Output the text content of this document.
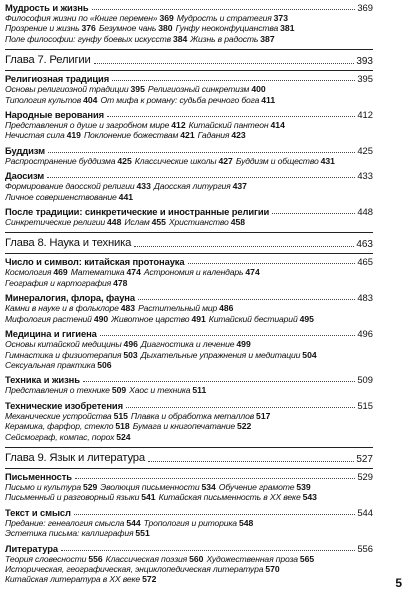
Мудрость и жизнь	369
Философия жизни по «Книге перемен» 369 Мудрость и стратегия 373
Прозрение и жизнь 376 Безумное чань 380 Гунфу неоконфуцианства 381
Поле философии: гунфу боевых искусств 384 Жизнь в радость 387
Глава 7. Религии	393
Религиозная традиция	395
Основы религиозной традиции 395 Религиозный синкретизм 400
Типология культов 404 От мифа к роману: судьба речного бога 411
Народные верования	412
Представления о душе и загробном мире 412 Китайский пантеон 414
Нечистая сила 419 Поклонение божествам 421 Гадания 423
Буддизм	425
Распространение буддизма 425 Классические школы 427 Буддизм и общество 431
Даосизм	433
Формирование даосской религии 433 Даосская литургия 437
Личное совершенствование 441
После традиции: синкретические и иностранные религии	448
Синкретические религии 448 Ислам 455 Христианство 458
Глава 8. Наука и техника	463
Число и символ: китайская протонаука	465
Космология 469 Математика 474 Астрономия и календарь 474
География и картография 478
Минералогия, флора, фауна	483
Камни в науке и в фольклоре 483 Растительный мир 486
Мифология растений 490 Животное царство 491 Китайский бестиарий 495
Медицина и гигиена	496
Основы китайской медицины 496 Диагностика и лечение 499
Гимнастика и физиотерапия 503 Дыхательные упражнения и медитации 504
Сексуальная практика 506
Техника и жизнь	509
Представления о технике 509 Хаос и техника 511
Технические изобретения	515
Механические устройства 515 Плавка и обработка металлов 517
Керамика, фарфор, стекло 518 Бумага и книгопечатание 522
Сейсмограф, компас, порох 524
Глава 9. Язык и литература	527
Письменность	529
Письмо и культура 529 Эволюция письменности 534 Обучение грамоте 539
Письменный и разговорный языки 541 Китайская письменность в XX веке 543
Текст и смысл	544
Предание: генеалогия смысла 544 Тропология и риторика 548
Эстетика письма: каллиграфия 551
Литература	556
Теория словесности 556 Классическая поэзия 560 Художественная проза 565
Историческая, географическая, энциклопедическая литература 570
Китайская литература в XX веке 572	5
